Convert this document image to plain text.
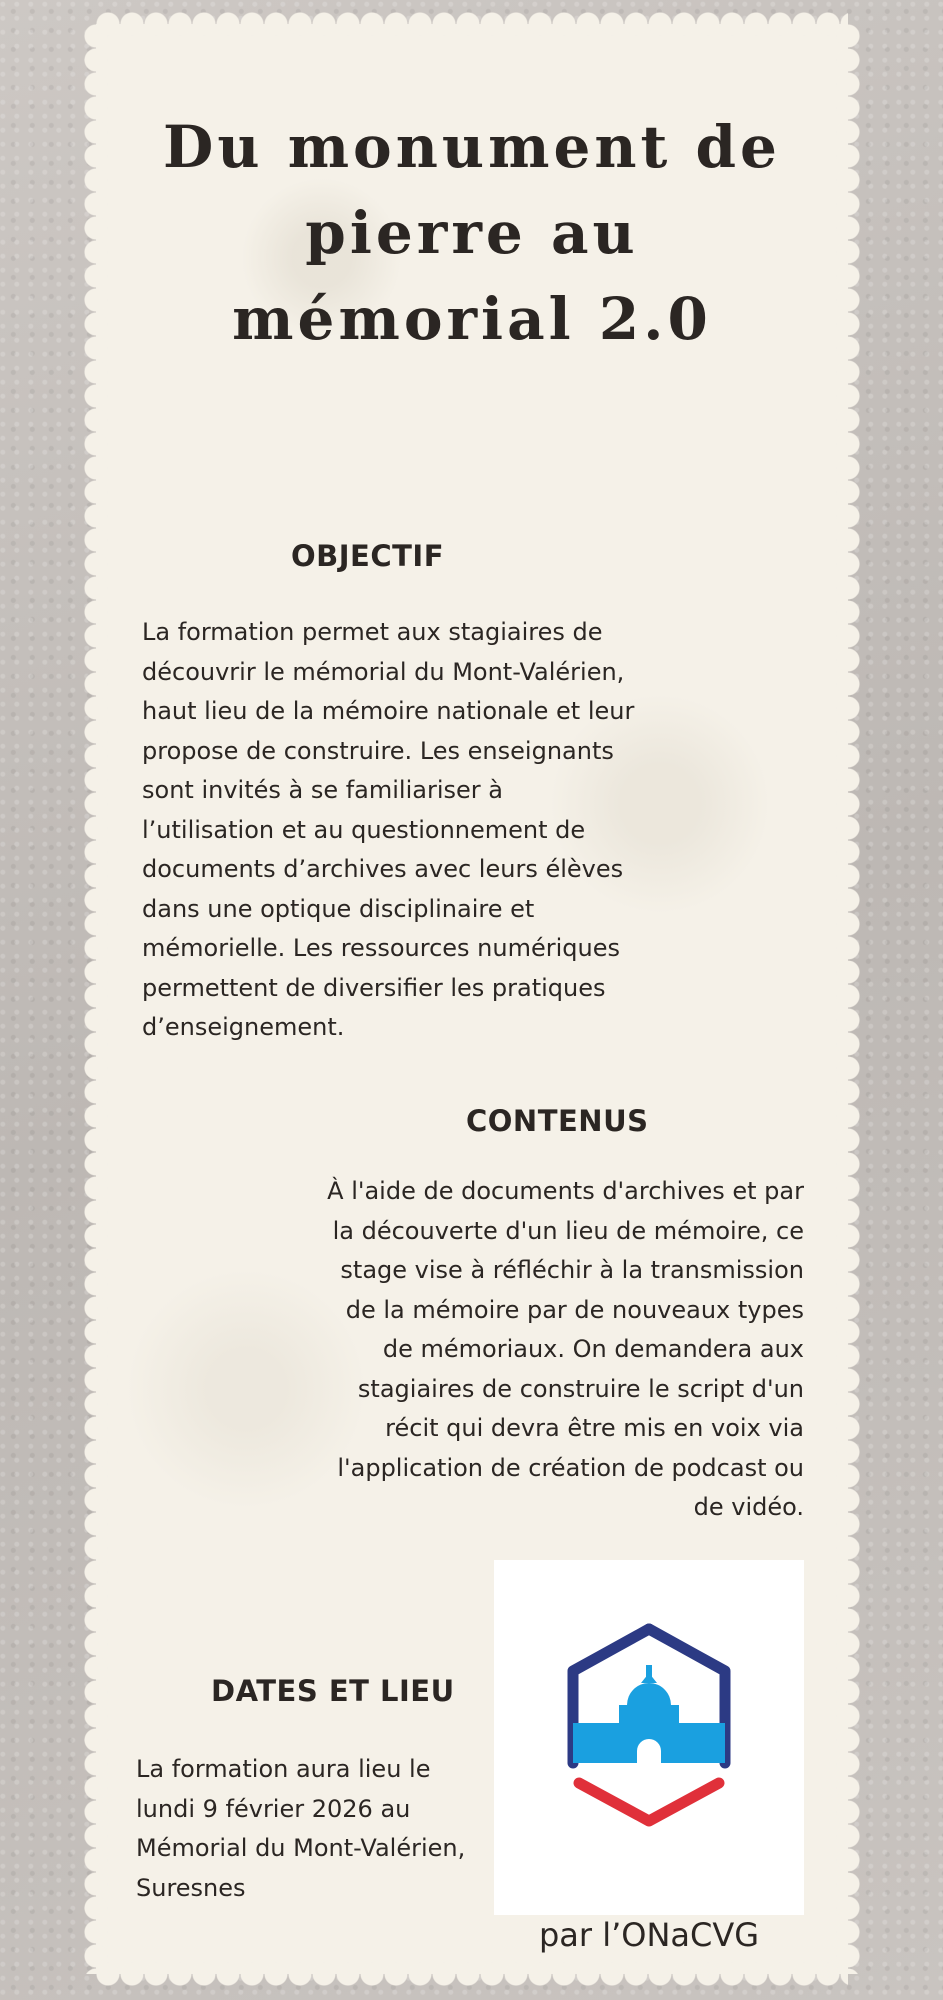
Du monument de pierre au mémorial 2.0
OBJECTIF
La formation permet aux stagiaires de découvrir le mémorial du Mont-Valérien, haut lieu de la mémoire nationale et leur propose de construire. Les enseignants sont invités à se familiariser à l’utilisation et au questionnement de documents d’archives avec leurs élèves dans une optique disciplinaire et mémorielle. Les ressources numériques permettent de diversifier les pratiques d’enseignement.
CONTENUS
À l'aide de documents d'archives et par la découverte d'un lieu de mémoire, ce stage vise à réfléchir à la transmission de la mémoire par de nouveaux types de mémoriaux. On demandera aux stagiaires de construire le script d'un récit qui devra être mis en voix via l'application de création de podcast ou de vidéo.
DATES ET LIEU
La formation aura lieu le lundi 9 février 2026 au Mémorial du Mont-Valérien, Suresnes
par l’ONaCVG
